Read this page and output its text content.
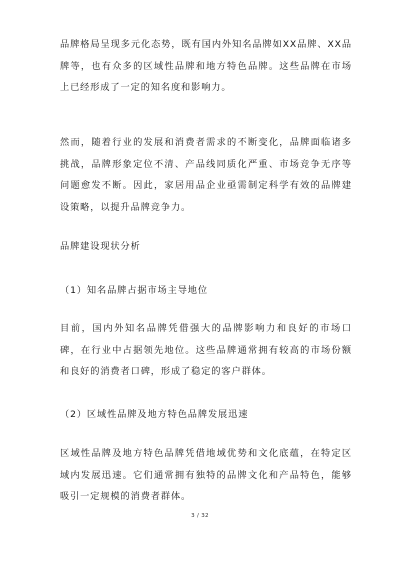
品牌格局呈现多元化态势，既有国内外知名品牌如XX品牌、XX品牌等，也有众多的区域性品牌和地方特色品牌。这些品牌在市场上已经形成了一定的知名度和影响力。

然而，随着行业的发展和消费者需求的不断变化，品牌面临诸多挑战，品牌形象定位不清、产品线同质化严重、市场竞争无序等问题愈发不断。因此，家居用品企业亟需制定科学有效的品牌建设策略，以提升品牌竞争力。

品牌建设现状分析

（1）知名品牌占据市场主导地位

目前，国内外知名品牌凭借强大的品牌影响力和良好的市场口碑，在行业中占据领先地位。这些品牌通常拥有较高的市场份额和良好的消费者口碑，形成了稳定的客户群体。

（2）区域性品牌及地方特色品牌发展迅速

区域性品牌及地方特色品牌凭借地域优势和文化底蕴，在特定区域内发展迅速。它们通常拥有独特的品牌文化和产品特色，能够吸引一定规模的消费者群体。

3 / 32
